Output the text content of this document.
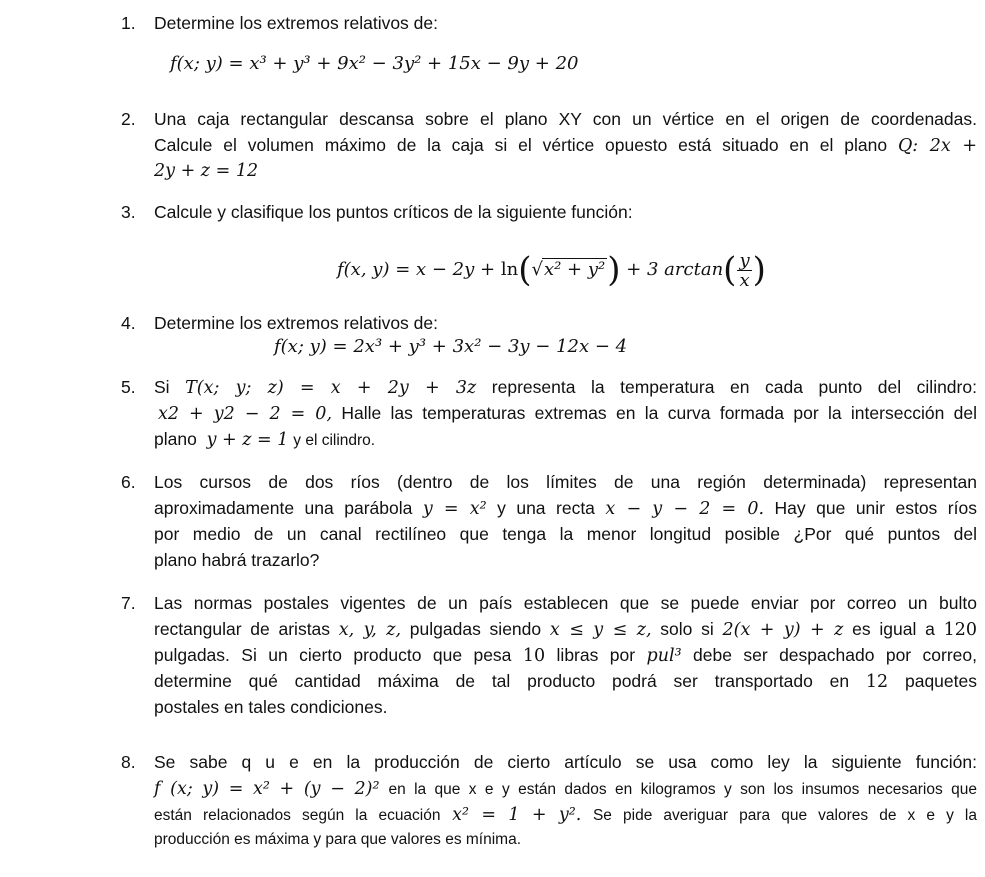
1. Determine los extremos relativos de:
f(x; y) = x³ + y³ + 9x² − 3y² + 15x − 9y + 20
2. Una caja rectangular descansa sobre el plano XY con un vértice en el origen de coordenadas.
Calcule el volumen máximo de la caja si el vértice opuesto está situado en el plano Q: 2x +
2y + z = 12
3. Calcule y clasifique los puntos críticos de la siguiente función:
f(x, y) = x − 2y + ln(√x² + y²) + 3 $\arctan( \frac{y}{x}$ )
4. Determine los extremos relativos de:
f(x; y) = 2x³ + y³ + 3x² − 3y − 12x − 4
5. Si T(x; y; z) = x + 2y + 3z representa la temperatura en cada punto del cilindro:
x2 + y2 − 2 = 0, Halle las temperaturas extremas en la curva formada por la intersección del
plano y + z = 1 y el cilindro.
6. Los cursos de dos ríos (dentro de los límites de una región determinada) representan
aproximadamente una parábola y = x² y una recta x − y − 2 = 0. Hay que unir estos ríos
por medio de un canal rectilíneo que tenga la menor longitud posible ¿Por qué puntos del
plano habrá trazarlo?
7. Las normas postales vigentes de un país establecen que se puede enviar por correo un bulto
rectangular de aristas x, y, z, pulgadas siendo x ≤ y ≤ z, solo si 2(x + y) + z es igual a 120
pulgadas. Si un cierto producto que pesa 10 libras por pul³ debe ser despachado por correo,
determine qué cantidad máxima de tal producto podrá ser transportado en 12 paquetes
postales en tales condiciones.
8. Se sabe q u e en la producción de cierto artículo se usa como ley la siguiente función:
f (x; y) = x² + (y − 2)² en la que x e y están dados en kilogramos y son los insumos necesarios que
están relacionados según la ecuación x² = 1 + y². Se pide averiguar para que valores de x e y la
producción es máxima y para que valores es mínima.
